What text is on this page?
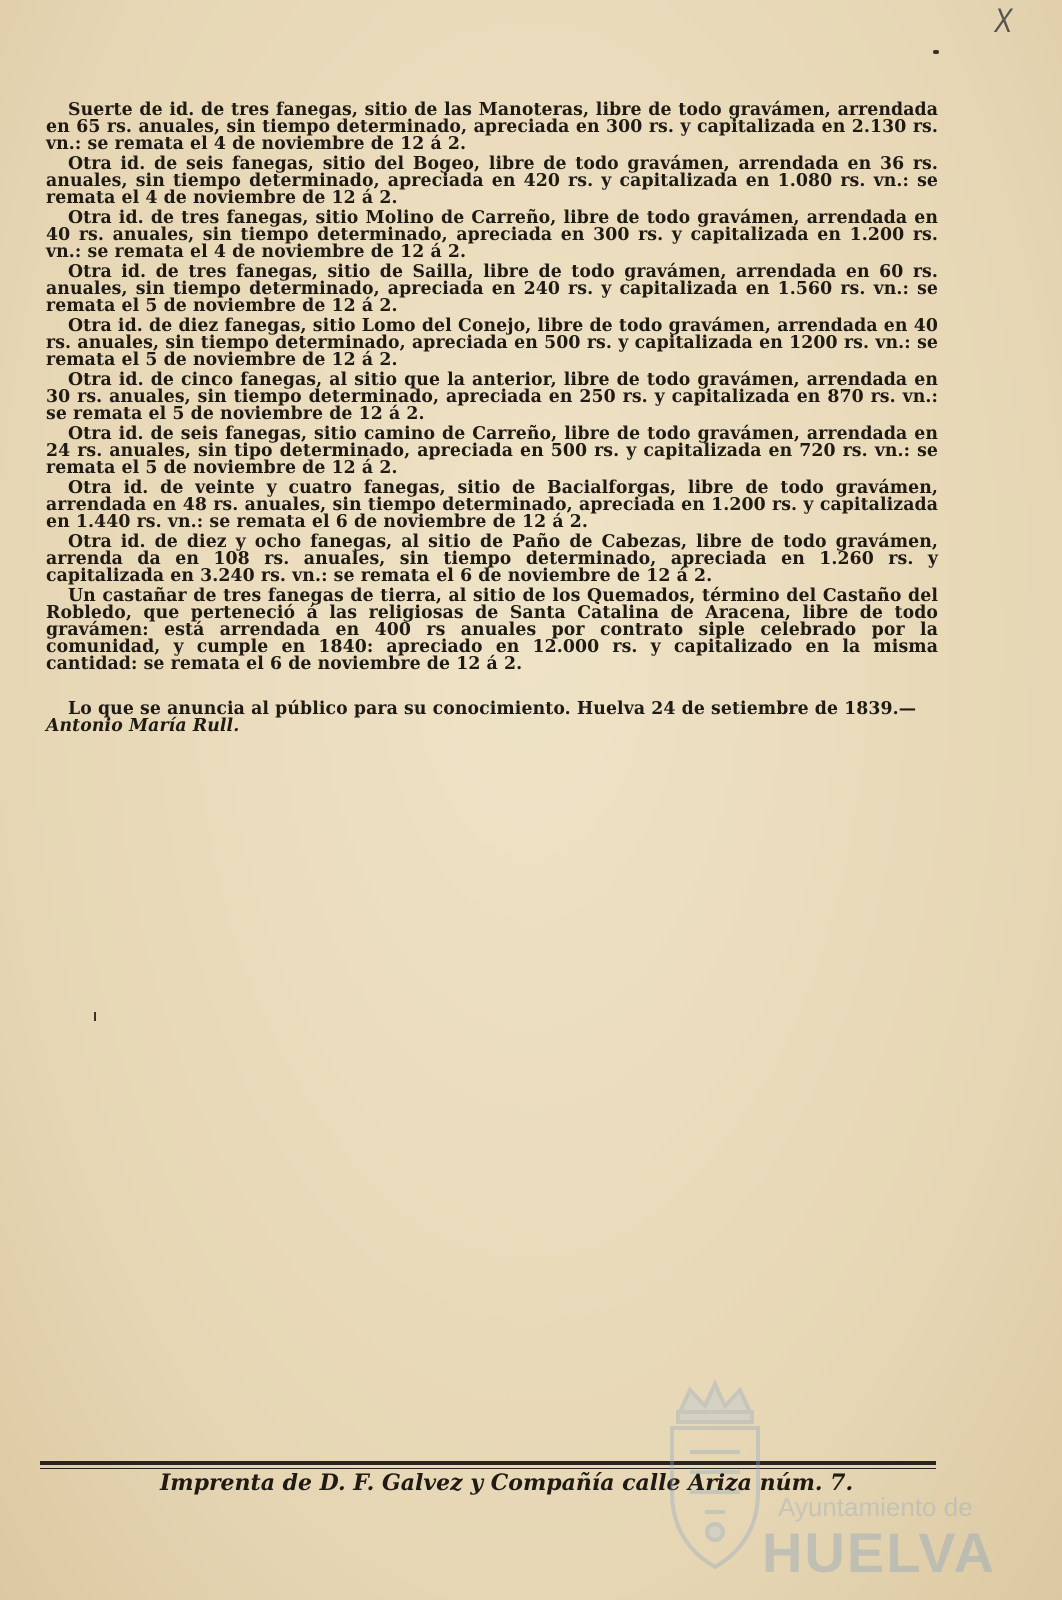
X

Suerte de id. de tres fanegas, sitio de las Manoteras, libre de todo gravámen, arrendada en 65 rs. anuales, sin tiempo determinado, apreciada en 300 rs. y capitalizada en 2.130 rs. vn.: se remata el 4 de noviembre de 12 á 2.

Otra id. de seis fanegas, sitio del Bogeo, libre de todo gravámen, arrendada en 36 rs. anuales, sin tiempo determinado, apreciada en 420 rs. y capitalizada en 1.080 rs. vn.: se remata el 4 de noviembre de 12 á 2.

Otra id. de tres fanegas, sitio Molino de Carreño, libre de todo gravámen, arrendada en 40 rs. anuales, sin tiempo determinado, apreciada en 300 rs. y capitalizada en 1.200 rs. vn.: se remata el 4 de noviembre de 12 á 2.

Otra id. de tres fanegas, sitio de Sailla, libre de todo gravámen, arrendada en 60 rs. anuales, sin tiempo determinado, apreciada en 240 rs. y capitalizada en 1.560 rs. vn.: se remata el 5 de noviembre de 12 á 2.

Otra id. de diez fanegas, sitio Lomo del Conejo, libre de todo gravámen, arrendada en 40 rs. anuales, sin tiempo determinado, apreciada en 500 rs. y capitalizada en 1200 rs. vn.: se remata el 5 de noviembre de 12 á 2.

Otra id. de cinco fanegas, al sitio que la anterior, libre de todo gravámen, arrendada en 30 rs. anuales, sin tiempo determinado, apreciada en 250 rs. y capitalizada en 870 rs. vn.: se remata el 5 de noviembre de 12 á 2.

Otra id. de seis fanegas, sitio camino de Carreño, libre de todo gravámen, arrendada en 24 rs. anuales, sin tipo determinado, apreciada en 500 rs. y capitalizada en 720 rs. vn.: se remata el 5 de noviembre de 12 á 2.

Otra id. de veinte y cuatro fanegas, sitio de Bacialforgas, libre de todo gravámen, arrendada en 48 rs. anuales, sin tiempo determinado, apreciada en 1.200 rs. y capitalizada en 1.440 rs. vn.: se remata el 6 de noviembre de 12 á 2.

Otra id. de diez y ocho fanegas, al sitio de Paño de Cabezas, libre de todo gravámen, arrenda da en 108 rs. anuales, sin tiempo determinado, apreciada en 1.260 rs. y capitalizada en 3.240 rs. vn.: se remata el 6 de noviembre de 12 á 2.

Un castañar de tres fanegas de tierra, al sitio de los Quemados, término del Castaño del Robledo, que perteneció á las religiosas de Santa Catalina de Aracena, libre de todo gravámen: está arrendada en 400 rs anuales por contrato siple celebrado por la comunidad, y cumple en 1840: apreciado en 12.000 rs. y capitalizado en la misma cantidad: se remata el 6 de noviembre de 12 á 2.

Lo que se anuncia al público para su conocimiento. Huelva 24 de setiembre de 1839.—
Antonio María Rull.

Imprenta de D. F. Galvez y Compañía calle Ariza núm. 7.
Ayuntamiento de
HUELVA
